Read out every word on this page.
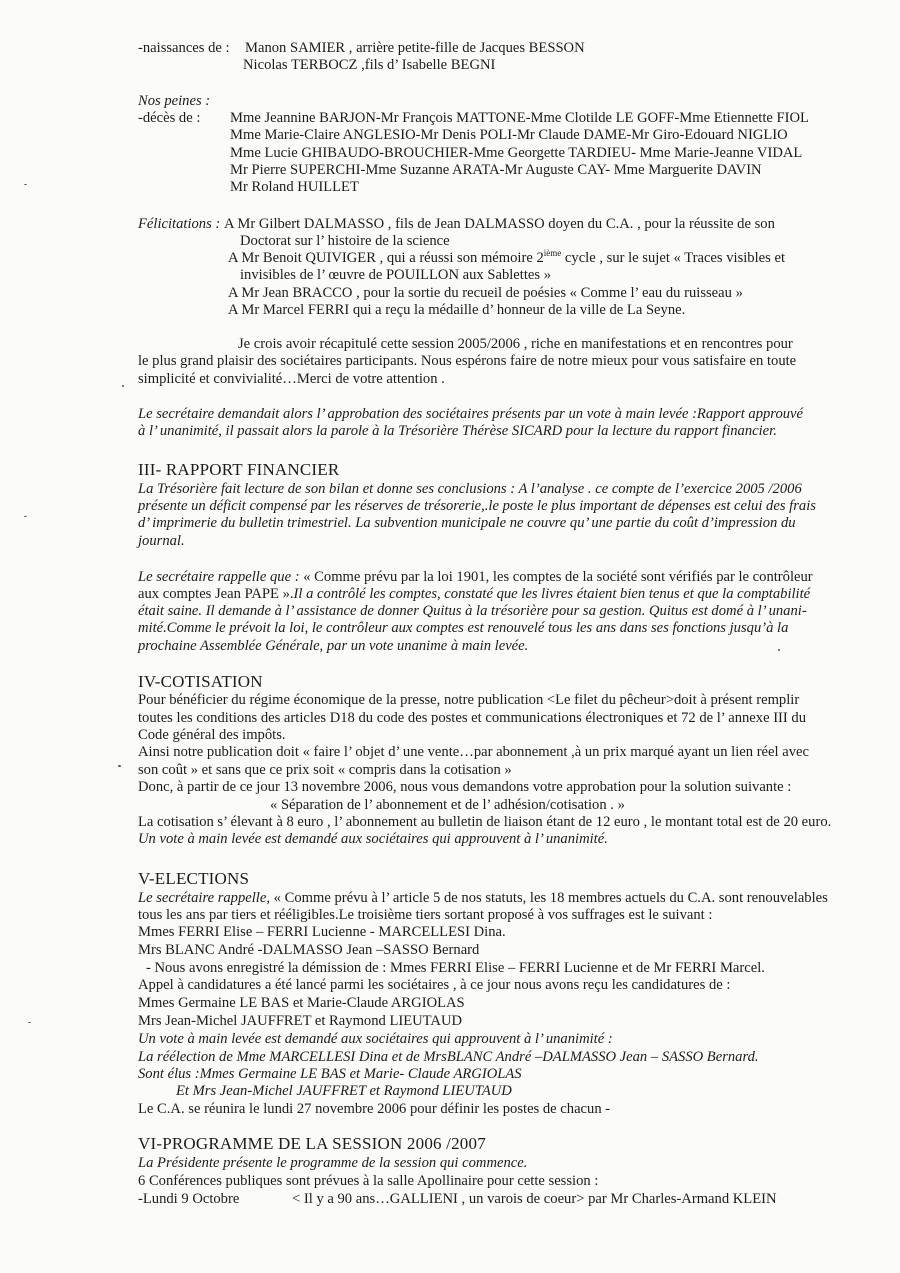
-naissances de : Manon SAMIER , arrière petite-fille de Jacques BESSON
Nicolas TERBOCZ ,fils d’ Isabelle BEGNI
Nos peines :
-décès de : Mme Jeannine BARJON-Mr François MATTONE-Mme Clotilde LE GOFF-Mme Etiennette FIOL
Mme Marie-Claire ANGLESIO-Mr Denis POLI-Mr Claude DAME-Mr Giro-Edouard NIGLIO
Mme Lucie GHIBAUDO-BROUCHIER-Mme Georgette TARDIEU- Mme Marie-Jeanne VIDAL
Mr Pierre SUPERCHI-Mme Suzanne ARATA-Mr Auguste CAY- Mme Marguerite DAVIN
Mr Roland HUILLET
Félicitations : A Mr Gilbert DALMASSO , fils de Jean DALMASSO doyen du C.A. , pour la réussite de son
Doctorat sur l’ histoire de la science
A Mr Benoit QUIVIGER , qui a réussi son mémoire 2ième cycle , sur le sujet « Traces visibles et
invisibles de l’ œuvre de POUILLON aux Sablettes »
A Mr Jean BRACCO , pour la sortie du recueil de poésies « Comme l’ eau du ruisseau »
A Mr Marcel FERRI qui a reçu la médaille d’ honneur de la ville de La Seyne.
Je crois avoir récapitulé cette session 2005/2006 , riche en manifestations et en rencontres pour
le plus grand plaisir des sociétaires participants. Nous espérons faire de notre mieux pour vous satisfaire en toute
simplicité et convivialité…Merci de votre attention .
Le secrétaire demandait alors l’ approbation des sociétaires présents par un vote à main levée :Rapport approuvé
à l’ unanimité, il passait alors la parole à la Trésorière Thérèse SICARD pour la lecture du rapport financier.
III- RAPPORT FINANCIER
La Trésorière fait lecture de son bilan et donne ses conclusions : A l’analyse . ce compte de l’exercice 2005 /2006
présente un déficit compensé par les réserves de trésorerie,.le poste le plus important de dépenses est celui des frais
d’ imprimerie du bulletin trimestriel. La subvention municipale ne couvre qu’ une partie du coût d’impression du
journal.
Le secrétaire rappelle que : « Comme prévu par la loi 1901, les comptes de la société sont vérifiés par le contrôleur
aux comptes Jean PAPE ».Il a contrôlé les comptes, constaté que les livres étaient bien tenus et que la comptabilité
était saine. Il demande à l’ assistance de donner Quitus à la trésorière pour sa gestion. Quitus est domé à l’ unani-
mité.Comme le prévoit la loi, le contrôleur aux comptes est renouvelé tous les ans dans ses fonctions jusqu’à la
prochaine Assemblée Générale, par un vote unanime à main levée.
IV-COTISATION
Pour bénéficier du régime économique de la presse, notre publication <Le filet du pêcheur>doit à présent remplir
toutes les conditions des articles D18 du code des postes et communications électroniques et 72 de l’ annexe III du
Code général des impôts.
Ainsi notre publication doit « faire l’ objet d’ une vente…par abonnement ,à un prix marqué ayant un lien réel avec
son coût » et sans que ce prix soit « compris dans la cotisation »
Donc, à partir de ce jour 13 novembre 2006, nous vous demandons votre approbation pour la solution suivante :
« Séparation de l’ abonnement et de l’ adhésion/cotisation . »
La cotisation s’ élevant à 8 euro , l’ abonnement au bulletin de liaison étant de 12 euro , le montant total est de 20 euro.
Un vote à main levée est demandé aux sociétaires qui approuvent à l’ unanimité.
V-ELECTIONS
Le secrétaire rappelle, « Comme prévu à l’ article 5 de nos statuts, les 18 membres actuels du C.A. sont renouvelables
tous les ans par tiers et rééligibles.Le troisième tiers sortant proposé à vos suffrages est le suivant :
Mmes FERRI Elise – FERRI Lucienne - MARCELLESI Dina.
Mrs BLANC André -DALMASSO Jean –SASSO Bernard
- Nous avons enregistré la démission de : Mmes FERRI Elise – FERRI Lucienne et de Mr FERRI Marcel.
Appel à candidatures a été lancé parmi les sociétaires , à ce jour nous avons reçu les candidatures de :
Mmes Germaine LE BAS et Marie-Claude ARGIOLAS
Mrs Jean-Michel JAUFFRET et Raymond LIEUTAUD
Un vote à main levée est demandé aux sociétaires qui approuvent à l’ unanimité :
La réélection de Mme MARCELLESI Dina et de MrsBLANC André –DALMASSO Jean – SASSO Bernard.
Sont élus :Mmes Germaine LE BAS et Marie- Claude ARGIOLAS
Et Mrs Jean-Michel JAUFFRET et Raymond LIEUTAUD
Le C.A. se réunira le lundi 27 novembre 2006 pour définir les postes de chacun -
VI-PROGRAMME DE LA SESSION 2006 /2007
La Présidente présente le programme de la session qui commence.
6 Conférences publiques sont prévues à la salle Apollinaire pour cette session :
-Lundi 9 Octobre	< Il y a 90 ans…GALLIENI , un varois de coeur> par Mr Charles-Armand KLEIN
